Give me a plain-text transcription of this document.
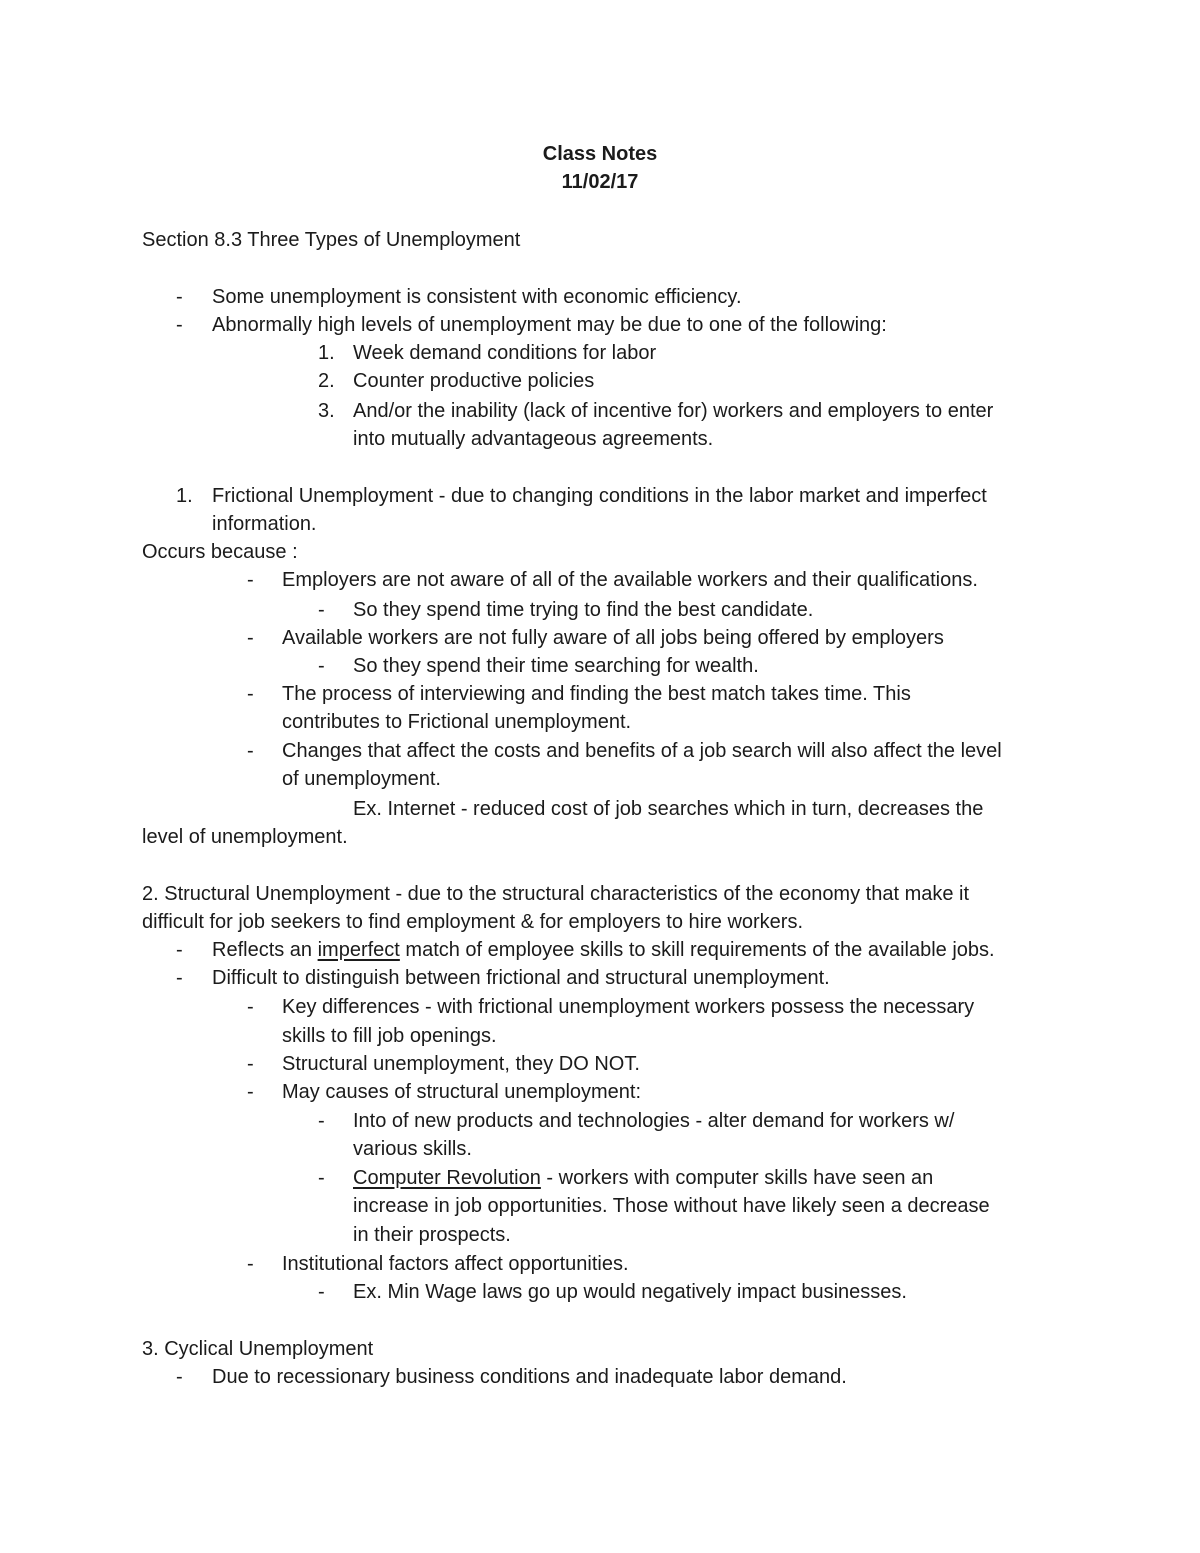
Class Notes
11/02/17
Section 8.3 Three Types of Unemployment
- Some unemployment is consistent with economic efficiency.
- Abnormally high levels of unemployment may be due to one of the following:
1. Week demand conditions for labor
2. Counter productive policies
3. And/or the inability (lack of incentive for) workers and employers to enter
into mutually advantageous agreements.
1. Frictional Unemployment - due to changing conditions in the labor market and imperfect
information.
Occurs because :
- Employers are not aware of all of the available workers and their qualifications.
- So they spend time trying to find the best candidate.
- Available workers are not fully aware of all jobs being offered by employers
- So they spend their time searching for wealth.
- The process of interviewing and finding the best match takes time. This
contributes to Frictional unemployment.
- Changes that affect the costs and benefits of a job search will also affect the level
of unemployment.
Ex. Internet - reduced cost of job searches which in turn, decreases the
level of unemployment.
2. Structural Unemployment - due to the structural characteristics of the economy that make it
difficult for job seekers to find employment & for employers to hire workers.
- Reflects an imperfect match of employee skills to skill requirements of the available jobs.
- Difficult to distinguish between frictional and structural unemployment.
- Key differences - with frictional unemployment workers possess the necessary
skills to fill job openings.
- Structural unemployment, they DO NOT.
- May causes of structural unemployment:
- Into of new products and technologies - alter demand for workers w/
various skills.
- Computer Revolution - workers with computer skills have seen an
increase in job opportunities. Those without have likely seen a decrease
in their prospects.
- Institutional factors affect opportunities.
- Ex. Min Wage laws go up would negatively impact businesses.
3. Cyclical Unemployment
- Due to recessionary business conditions and inadequate labor demand.
